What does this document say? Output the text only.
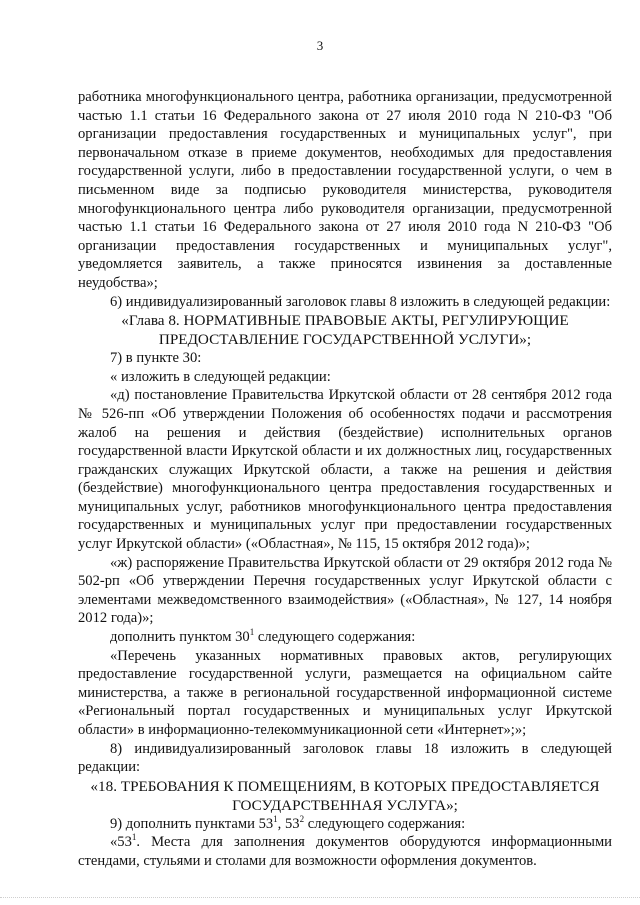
3

работника многофункционального центра, работника организации, предусмотренной частью 1.1 статьи 16 Федерального закона от 27 июля 2010 года N 210-ФЗ "Об организации предоставления государственных и муниципальных услуг", при первоначальном отказе в приеме документов, необходимых для предоставления государственной услуги, либо в предоставлении государственной услуги, о чем в письменном виде за подписью руководителя министерства, руководителя многофункционального центра либо руководителя организации, предусмотренной частью 1.1 статьи 16 Федерального закона от 27 июля 2010 года N 210-ФЗ "Об организации предоставления государственных и муниципальных услуг", уведомляется заявитель, а также приносятся извинения за доставленные неудобства»;

6) индивидуализированный заголовок главы 8 изложить в следующей редакции:

«Глава 8. НОРМАТИВНЫЕ ПРАВОВЫЕ АКТЫ, РЕГУЛИРУЮЩИЕ ПРЕДОСТАВЛЕНИЕ ГОСУДАРСТВЕННОЙ УСЛУГИ»;

7) в пункте 30:

« изложить в следующей редакции:

«д) постановление Правительства Иркутской области от 28 сентября 2012 года № 526-пп «Об утверждении Положения об особенностях подачи и рассмотрения жалоб на решения и действия (бездействие) исполнительных органов государственной власти Иркутской области и их должностных лиц, государственных гражданских служащих Иркутской области, а также на решения и действия (бездействие) многофункционального центра предоставления государственных и муниципальных услуг, работников многофункционального центра предоставления государственных и муниципальных услуг при предоставлении государственных услуг Иркутской области» («Областная», № 115, 15 октября 2012 года)»;

«ж) распоряжение Правительства Иркутской области от 29 октября 2012 года № 502-рп «Об утверждении Перечня государственных услуг Иркутской области с элементами межведомственного взаимодействия» («Областная», № 127, 14 ноября 2012 года)»;

дополнить пунктом $30^1$ следующего содержания:

«Перечень указанных нормативных правовых актов, регулирующих предоставление государственной услуги, размещается на официальном сайте министерства, а также в региональной государственной информационной системе «Региональный портал государственных и муниципальных услуг Иркутской области» в информационно-телекоммуникационной сети «Интернет»;»;

8) индивидуализированный заголовок главы 18 изложить в следующей редакции:

«18. ТРЕБОВАНИЯ К ПОМЕЩЕНИЯМ, В КОТОРЫХ ПРЕДОСТАВЛЯЕТСЯ ГОСУДАРСТВЕННАЯ УСЛУГА»;

9) дополнить пунктами $53^1$, $53^2$ следующего содержания:

«$53^1$. Места для заполнения документов оборудуются информационными стендами, стульями и столами для возможности оформления документов.
